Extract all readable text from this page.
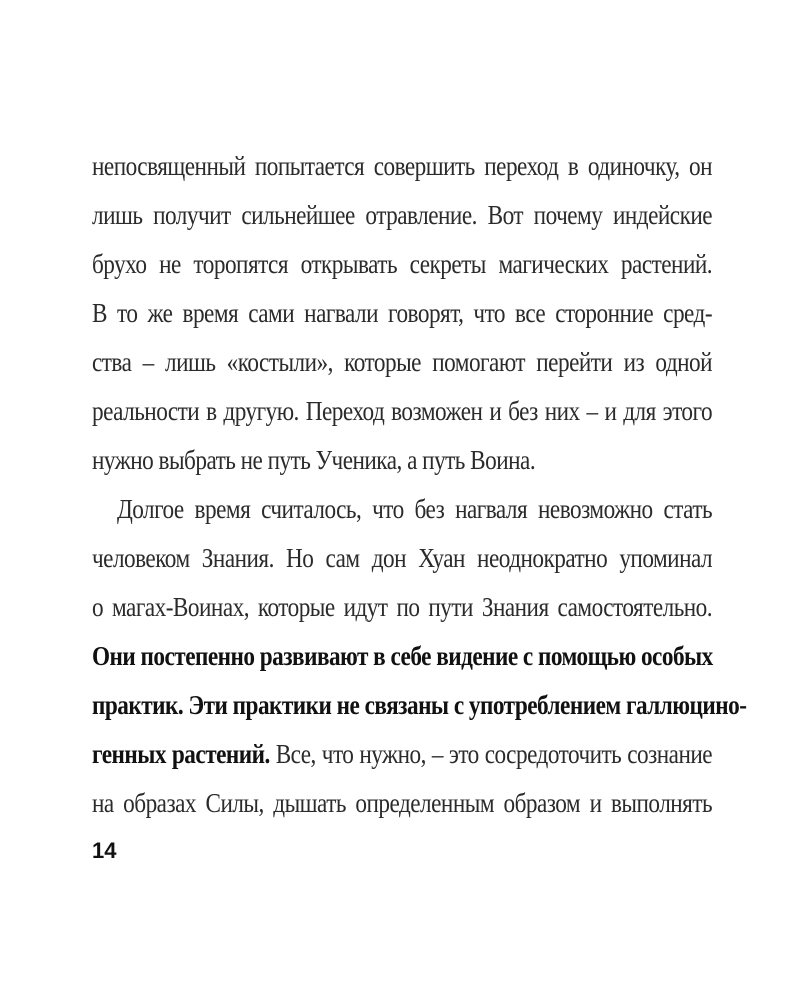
непосвященный попытается совершить переход в одиночку, он
лишь получит сильнейшее отравление. Вот почему индейские
брухо не торопятся открывать секреты магических растений.
В то же время сами нагвали говорят, что все сторонние сред-
ства – лишь «костыли», которые помогают перейти из одной
реальности в другую. Переход возможен и без них – и для этого
нужно выбрать не путь Ученика, а путь Воина.
Долгое время считалось, что без нагваля невозможно стать
человеком Знания. Но сам дон Хуан неоднократно упоминал
о магах-Воинах, которые идут по пути Знания самостоятельно.
Они постепенно развивают в себе видение с помощью особых
практик. Эти практики не связаны с употреблением галлюцино-
генных растений. Все, что нужно, – это сосредоточить сознание
на образах Силы, дышать определенным образом и выполнять
14
